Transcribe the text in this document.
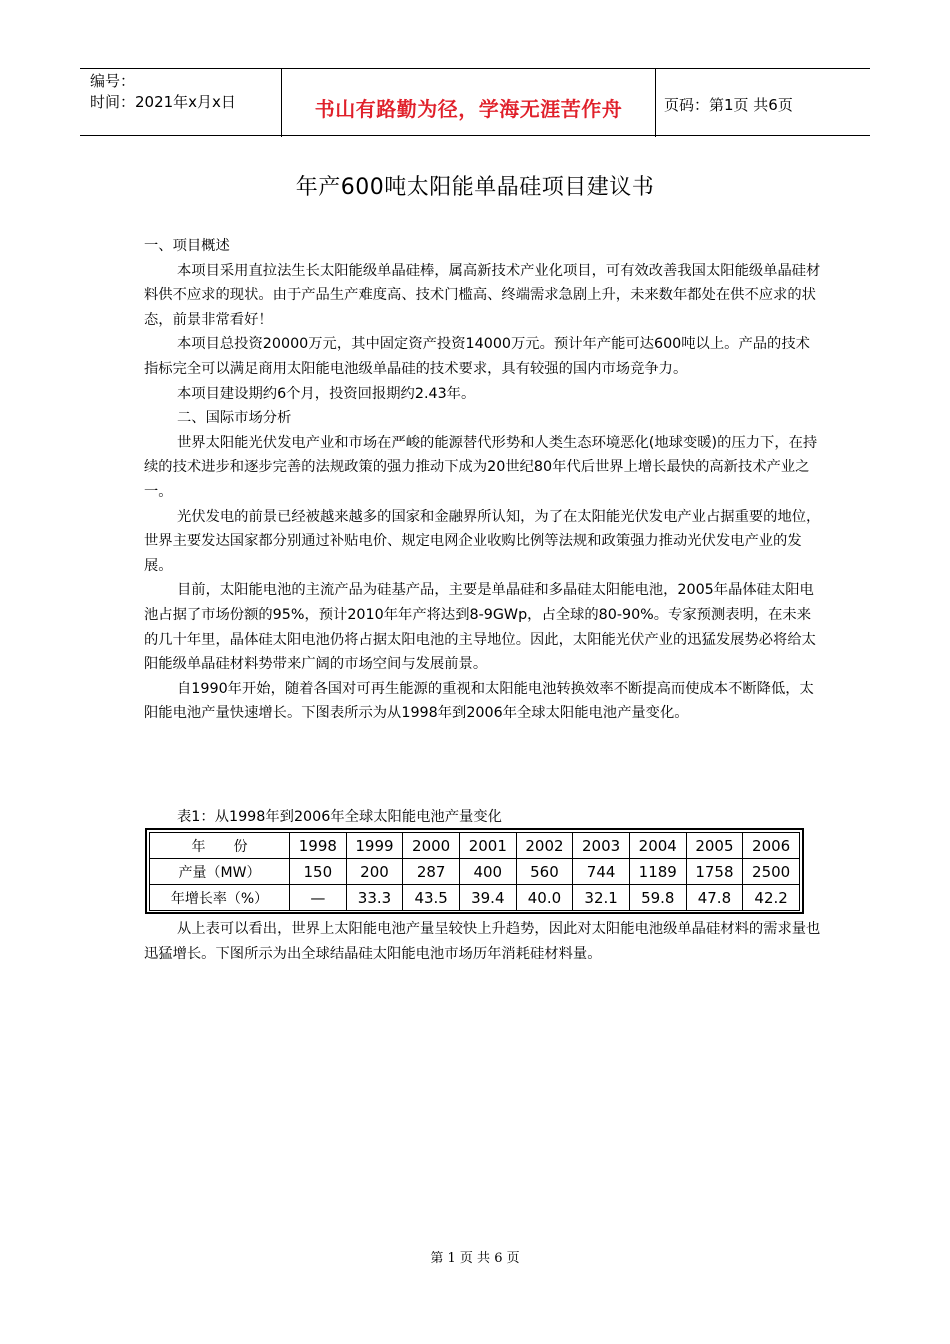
编号：
时间：2021年x月x日	书山有路勤为径，学海无涯苦作舟	页码：第1页 共6页
年产600吨太阳能单晶硅项目建议书

一、项目概述

本项目采用直拉法生长太阳能级单晶硅棒，属高新技术产业化项目，可有效改善我国太阳能级单晶硅材料供不应求的现状。由于产品生产难度高、技术门槛高、终端需求急剧上升，未来数年都处在供不应求的状态，前景非常看好！

本项目总投资20000万元，其中固定资产投资14000万元。预计年产能可达600吨以上。产品的技术指标完全可以满足商用太阳能电池级单晶硅的技术要求，具有较强的国内市场竞争力。

本项目建设期约6个月，投资回报期约2.43年。

二、国际市场分析

世界太阳能光伏发电产业和市场在严峻的能源替代形势和人类生态环境恶化(地球变暖)的压力下，在持续的技术进步和逐步完善的法规政策的强力推动下成为20世纪80年代后世界上增长最快的高新技术产业之一。

光伏发电的前景已经被越来越多的国家和金融界所认知，为了在太阳能光伏发电产业占据重要的地位，世界主要发达国家都分别通过补贴电价、规定电网企业收购比例等法规和政策强力推动光伏发电产业的发展。

目前，太阳能电池的主流产品为硅基产品，主要是单晶硅和多晶硅太阳能电池，2005年晶体硅太阳电池占据了市场份额的95%，预计2010年年产将达到8-9GWp，占全球的80-90%。专家预测表明，在未来的几十年里，晶体硅太阳电池仍将占据太阳电池的主导地位。因此，太阳能光伏产业的迅猛发展势必将给太阳能级单晶硅材料势带来广阔的市场空间与发展前景。

自1990年开始，随着各国对可再生能源的重视和太阳能电池转换效率不断提高而使成本不断降低，太阳能电池产量快速增长。下图表所示为从1998年到2006年全球太阳能电池产量变化。

表1：从1998年到2006年全球太阳能电池产量变化
年　　份	1998	1999	2000	2001	2002	2003	2004	2005	2006
产量（MW）	150	200	287	400	560	744	1189	1758	2500
年增长率（%）	—	33.3	43.5	39.4	40.0	32.1	59.8	47.8	42.2

从上表可以看出，世界上太阳能电池产量呈较快上升趋势，因此对太阳能电池级单晶硅材料的需求量也迅猛增长。下图所示为出全球结晶硅太阳能电池市场历年消耗硅材料量。

第 1 页 共 6 页
